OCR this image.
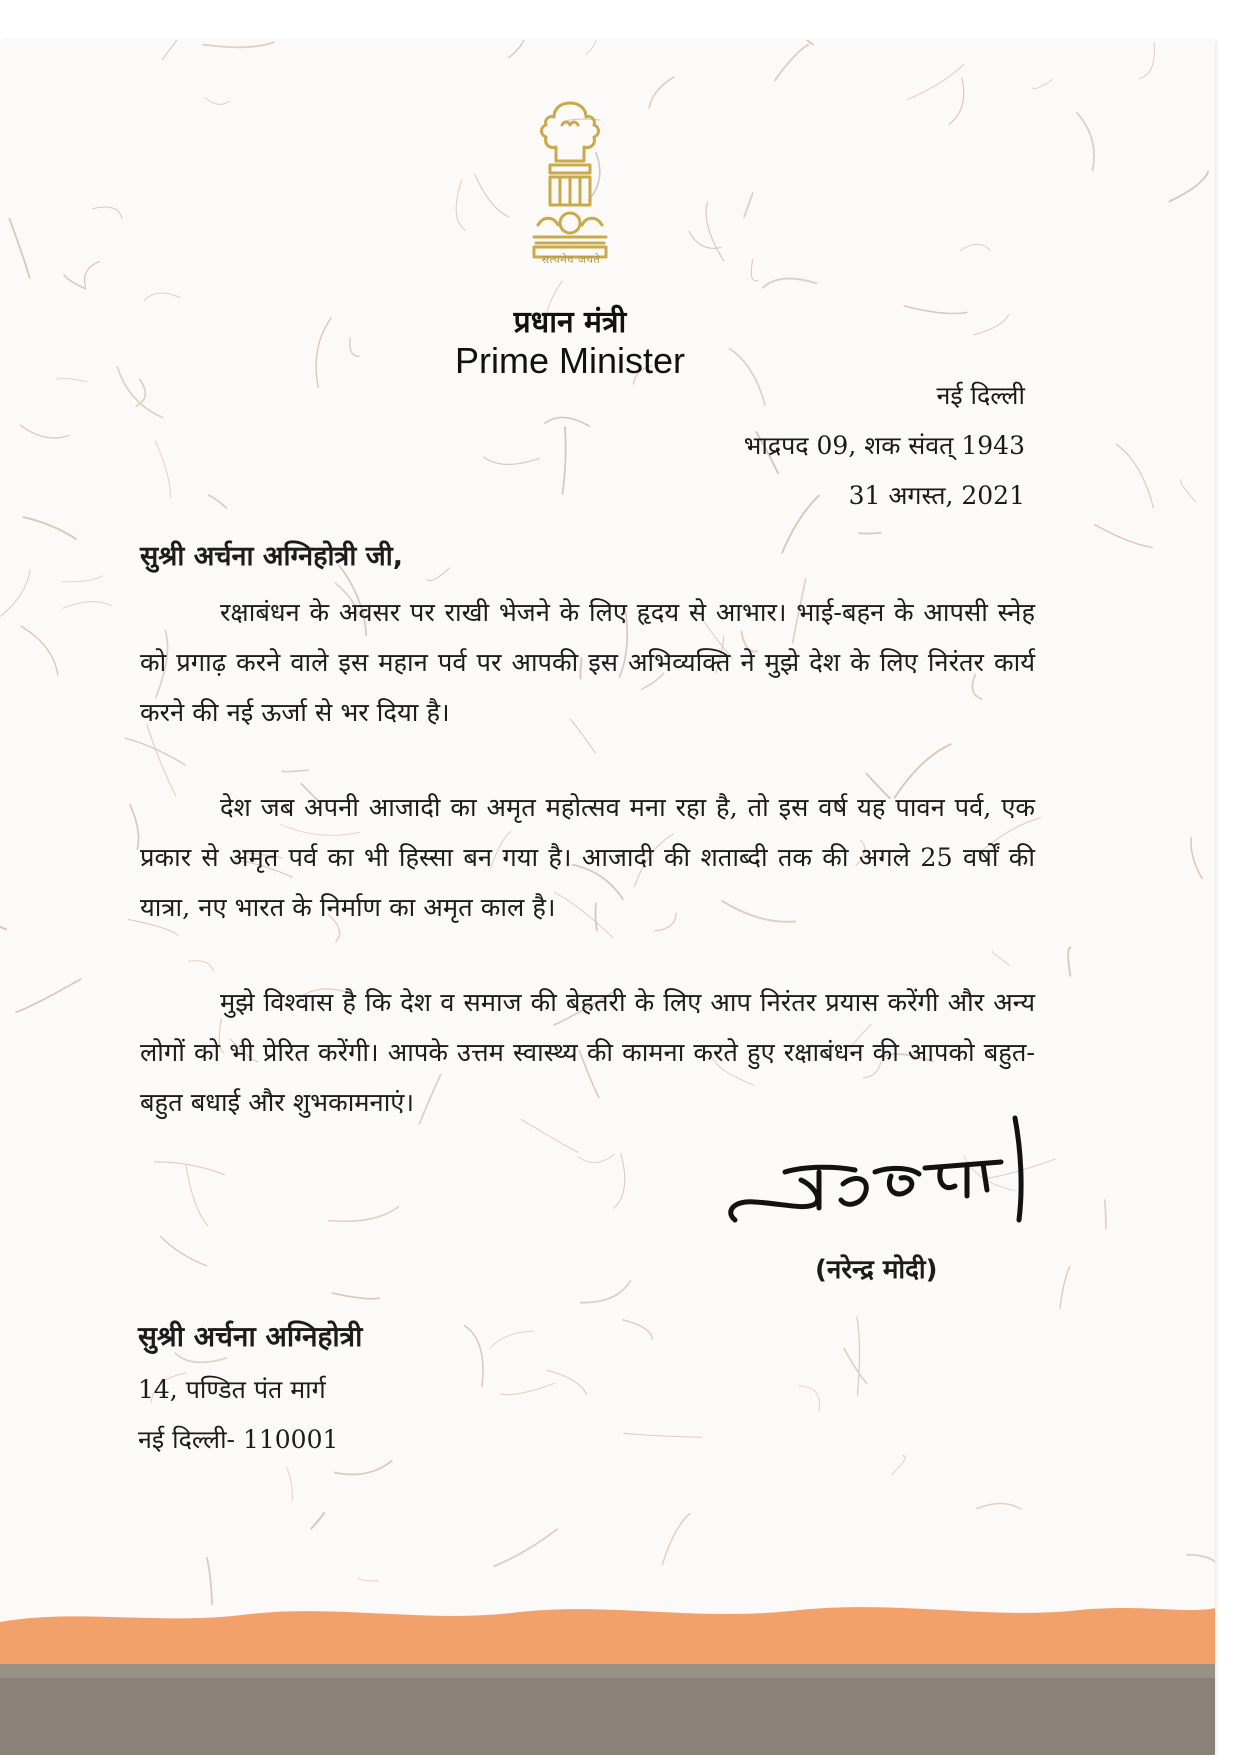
सत्यमेव जयते
प्रधान मंत्री
Prime Minister
नई दिल्ली
भाद्रपद 09, शक संवत् 1943
31 अगस्त, 2021
सुश्री अर्चना अग्निहोत्री जी,

रक्षाबंधन के अवसर पर राखी भेजने के लिए हृदय से आभार। भाई-बहन के आपसी स्नेह को प्रगाढ़ करने वाले इस महान पर्व पर आपकी इस अभिव्यक्ति ने मुझे देश के लिए निरंतर कार्य करने की नई ऊर्जा से भर दिया है।

देश जब अपनी आजादी का अमृत महोत्सव मना रहा है, तो इस वर्ष यह पावन पर्व, एक प्रकार से अमृत पर्व का भी हिस्सा बन गया है। आजादी की शताब्दी तक की अगले 25 वर्षों की यात्रा, नए भारत के निर्माण का अमृत काल है।

मुझे विश्वास है कि देश व समाज की बेहतरी के लिए आप निरंतर प्रयास करेंगी और अन्य लोगों को भी प्रेरित करेंगी। आपके उत्तम स्वास्थ्य की कामना करते हुए रक्षाबंधन की आपको बहुत-बहुत बधाई और शुभकामनाएं।

(नरेन्द्र मोदी)
सुश्री अर्चना अग्निहोत्री
14, पण्डित पंत मार्ग
नई दिल्ली- 110001
